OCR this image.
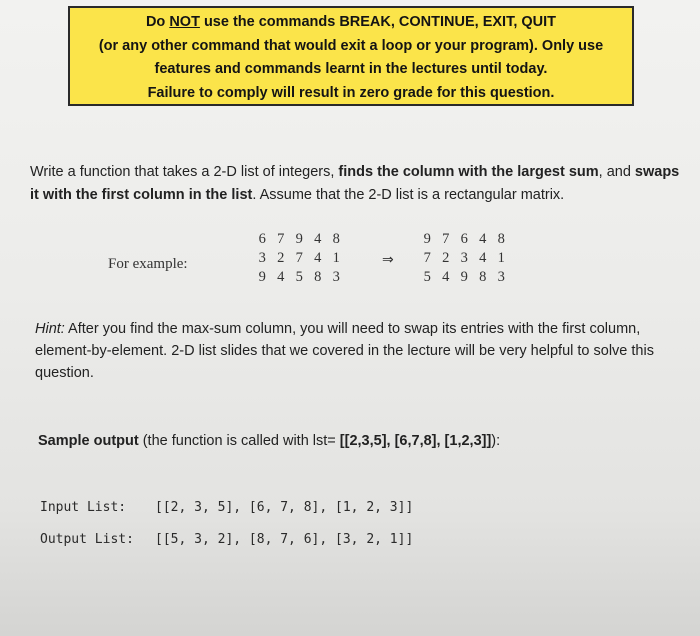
Do NOT use the commands BREAK, CONTINUE, EXIT, QUIT
(or any other command that would exit a loop or your program). Only use
features and commands learnt in the lectures until today.
Failure to comply will result in zero grade for this question.
Write a function that takes a 2-D list of integers, finds the column with the largest sum, and swaps it with the first column in the list. Assume that the 2-D list is a rectangular matrix.
For example:
6 7 9 4 8
3 2 7 4 1
9 4 5 8 3
⇒
9 7 6 4 8
7 2 3 4 1
5 4 9 8 3
Hint: After you find the max-sum column, you will need to swap its entries with the first column, element-by-element. 2-D list slides that we covered in the lecture will be very helpful to solve this question.
Sample output (the function is called with lst= [[2,3,5], [6,7,8], [1,2,3]]):
Input List: [[2, 3, 5], [6, 7, 8], [1, 2, 3]]
Output List: [[5, 3, 2], [8, 7, 6], [3, 2, 1]]
